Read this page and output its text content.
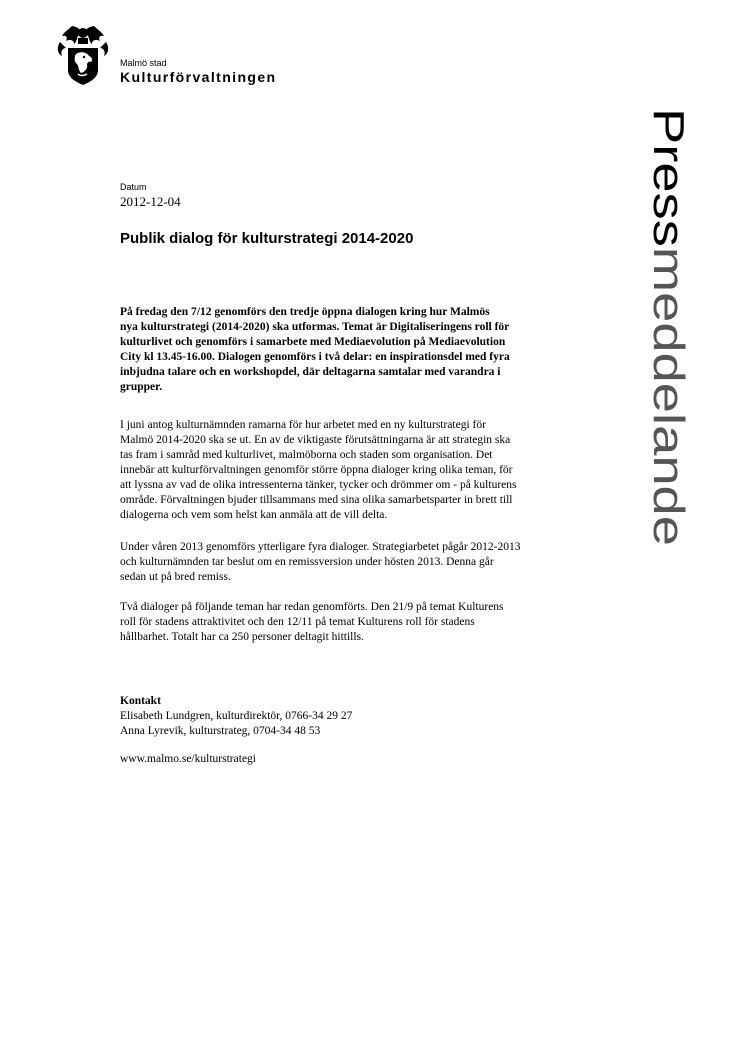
Malmö stad
Kulturförvaltningen
Pressmeddelande
Datum
2012-12-04
Publik dialog för kulturstrategi 2014-2020
På fredag den 7/12 genomförs den tredje öppna dialogen kring hur Malmös
nya kulturstrategi (2014-2020) ska utformas. Temat är Digitaliseringens roll för
kulturlivet och genomförs i samarbete med Mediaevolution på Mediaevolution
City kl 13.45-16.00. Dialogen genomförs i två delar: en inspirationsdel med fyra
inbjudna talare och en workshopdel, där deltagarna samtalar med varandra i
grupper.
I juni antog kulturnämnden ramarna för hur arbetet med en ny kulturstrategi för
Malmö 2014-2020 ska se ut. En av de viktigaste förutsättningarna är att strategin ska
tas fram i samråd med kulturlivet, malmöborna och staden som organisation. Det
innebär att kulturförvaltningen genomför större öppna dialoger kring olika teman, för
att lyssna av vad de olika intressenterna tänker, tycker och drömmer om - på kulturens
område. Förvaltningen bjuder tillsammans med sina olika samarbetsparter in brett till
dialogerna och vem som helst kan anmäla att de vill delta.
Under våren 2013 genomförs ytterligare fyra dialoger. Strategiarbetet pågår 2012-2013
och kulturnämnden tar beslut om en remissversion under hösten 2013. Denna går
sedan ut på bred remiss.
Två dialoger på följande teman har redan genomförts. Den 21/9 på temat Kulturens
roll för stadens attraktivitet och den 12/11 på temat Kulturens roll för stadens
hållbarhet. Totalt har ca 250 personer deltagit hittills.
Kontakt
Elisabeth Lundgren, kulturdirektör, 0766-34 29 27
Anna Lyrevik, kulturstrateg, 0704-34 48 53
www.malmo.se/kulturstrategi
